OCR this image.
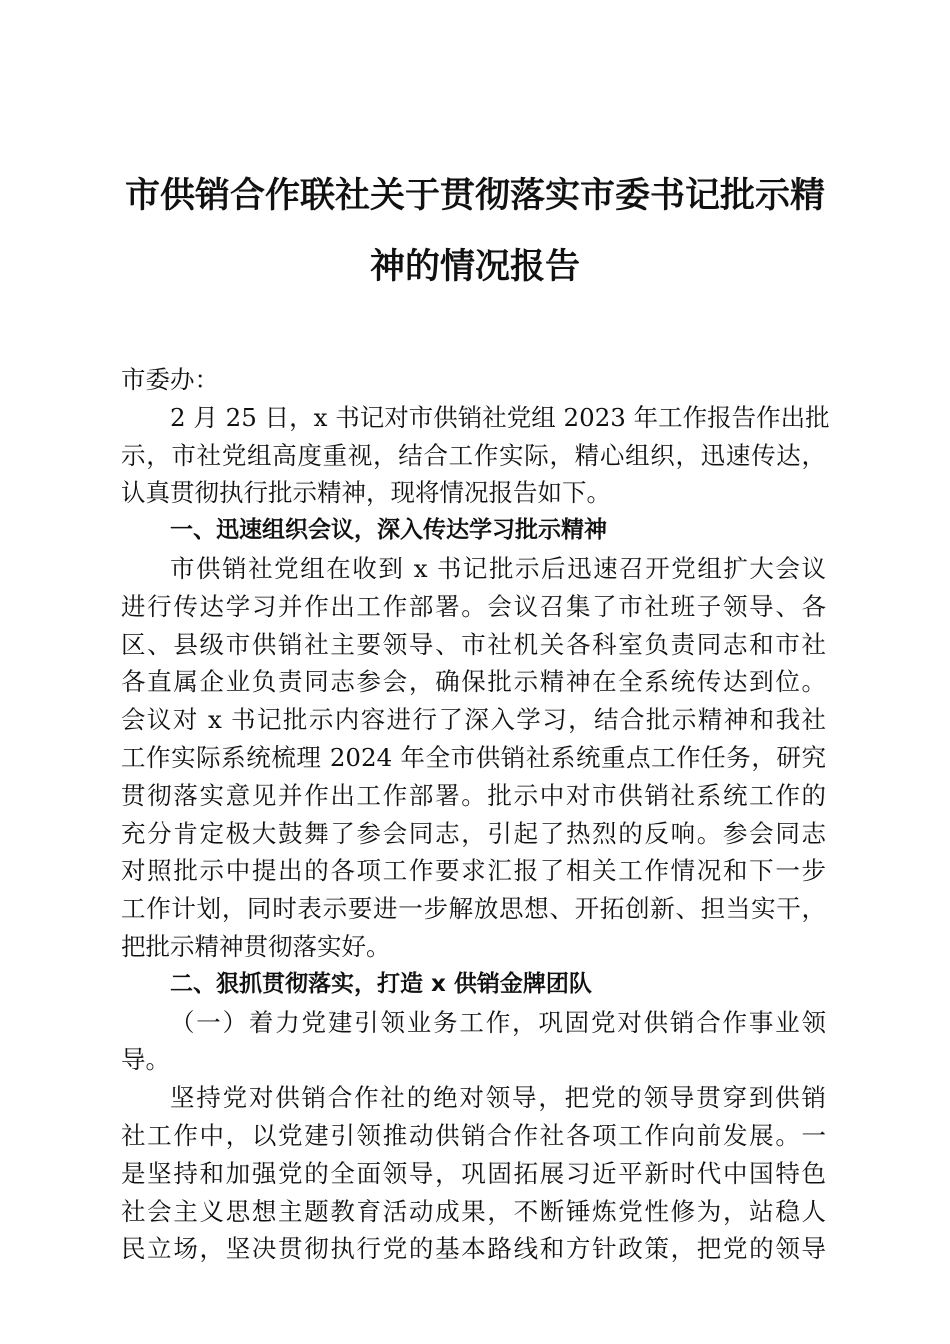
市供销合作联社关于贯彻落实市委书记批示精
神的情况报告
市委办：
2 月 25 日，x 书记对市供销社党组 2023 年工作报告作出批
示，市社党组高度重视，结合工作实际，精心组织，迅速传达，
认真贯彻执行批示精神，现将情况报告如下。
一、迅速组织会议，深入传达学习批示精神
市供销社党组在收到 x 书记批示后迅速召开党组扩大会议
进行传达学习并作出工作部署。会议召集了市社班子领导、各
区、县级市供销社主要领导、市社机关各科室负责同志和市社
各直属企业负责同志参会，确保批示精神在全系统传达到位。
会议对 x 书记批示内容进行了深入学习，结合批示精神和我社
工作实际系统梳理 2024 年全市供销社系统重点工作任务，研究
贯彻落实意见并作出工作部署。批示中对市供销社系统工作的
充分肯定极大鼓舞了参会同志，引起了热烈的反响。参会同志
对照批示中提出的各项工作要求汇报了相关工作情况和下一步
工作计划，同时表示要进一步解放思想、开拓创新、担当实干，
把批示精神贯彻落实好。
二、狠抓贯彻落实，打造 x 供销金牌团队
（一）着力党建引领业务工作，巩固党对供销合作事业领
导。
坚持党对供销合作社的绝对领导，把党的领导贯穿到供销
社工作中，以党建引领推动供销合作社各项工作向前发展。一
是坚持和加强党的全面领导，巩固拓展习近平新时代中国特色
社会主义思想主题教育活动成果，不断锤炼党性修为，站稳人
民立场，坚决贯彻执行党的基本路线和方针政策，把党的领导
